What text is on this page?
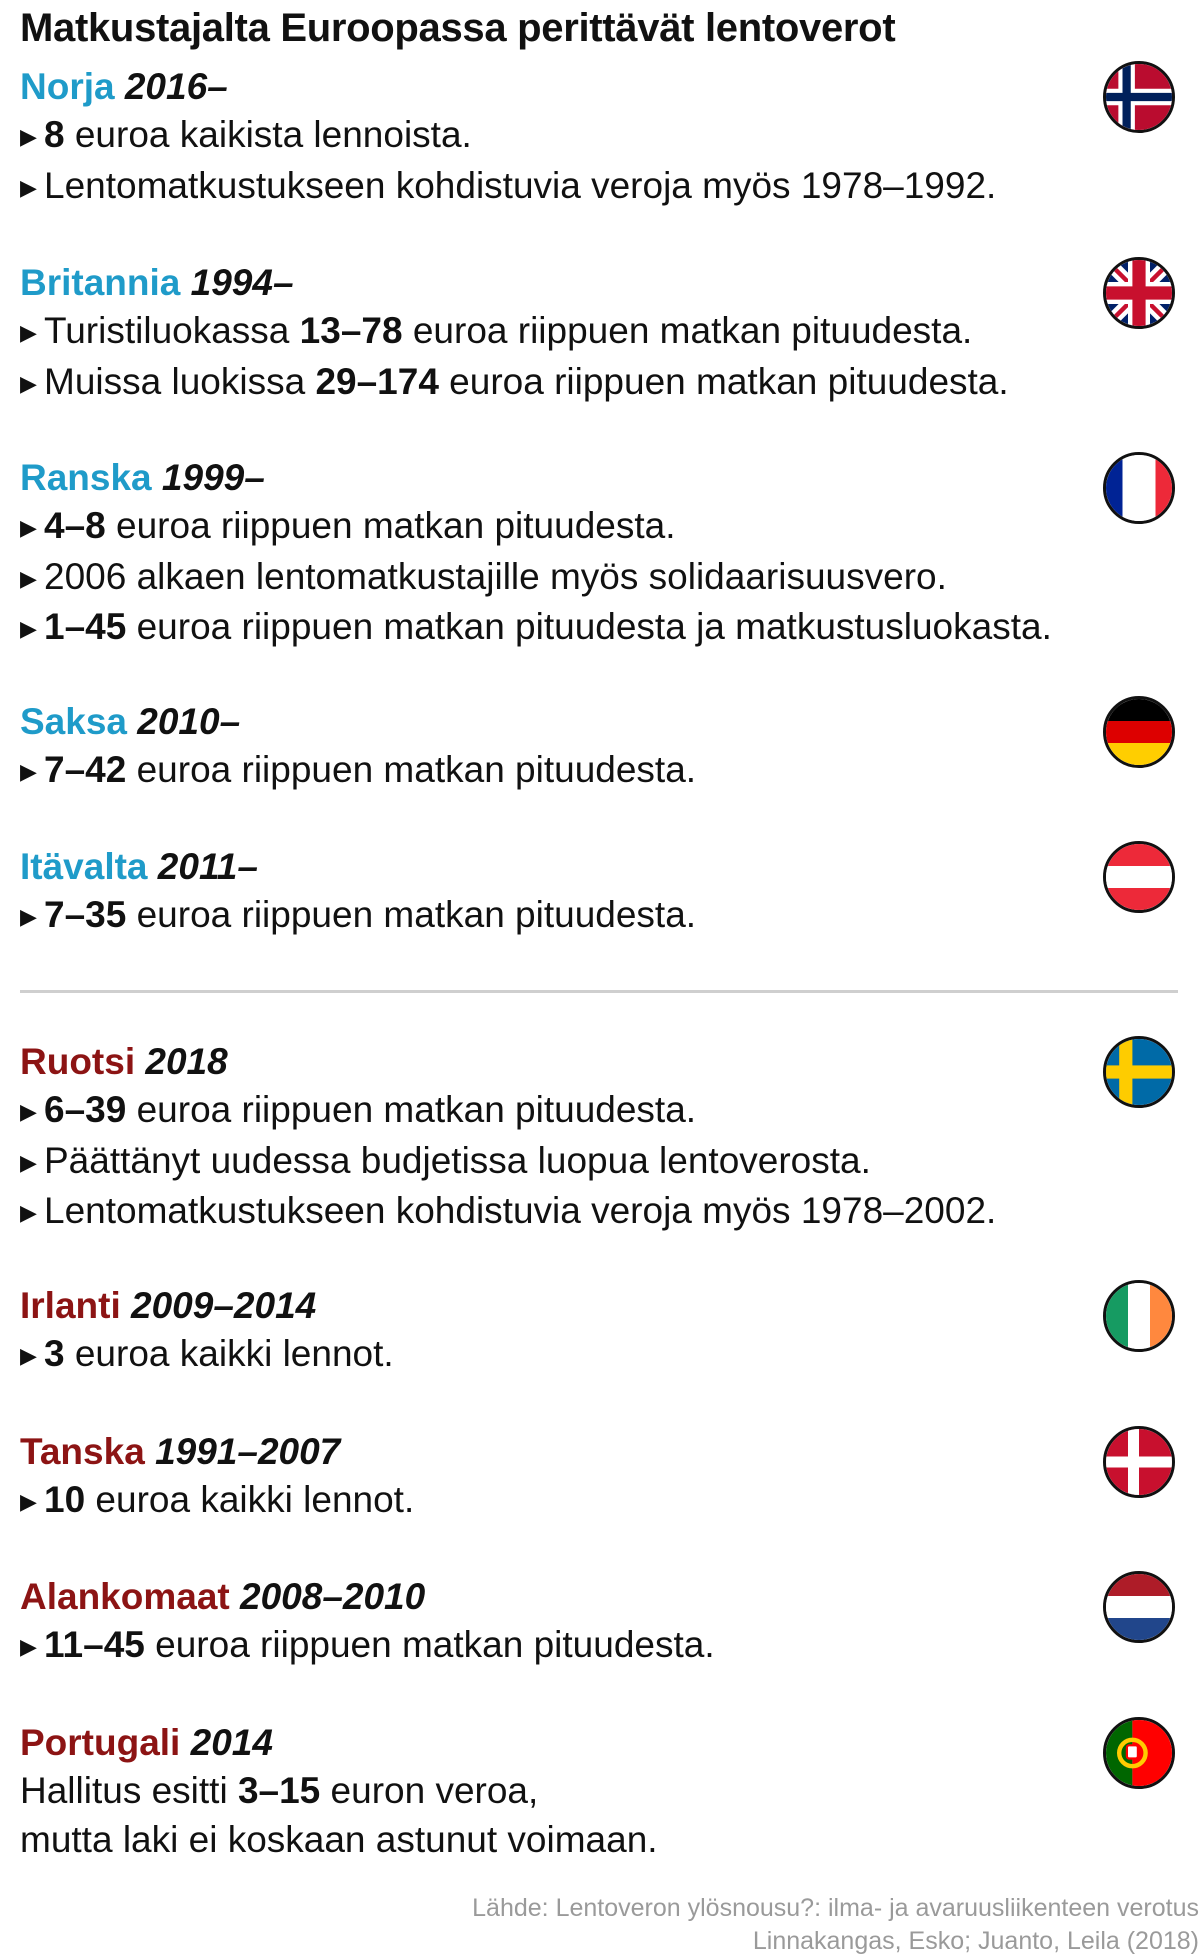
Matkustajalta Euroopassa perittävät lentoverot
Norja 2016–
▶ 8 euroa kaikista lennoista.
▶ Lentomatkustukseen kohdistuvia veroja myös 1978–1992.
Britannia 1994–
▶ Turistiluokassa 13–78 euroa riippuen matkan pituudesta.
▶ Muissa luokissa 29–174 euroa riippuen matkan pituudesta.
Ranska 1999–
▶ 4–8 euroa riippuen matkan pituudesta.
▶ 2006 alkaen lentomatkustajille myös solidaarisuusvero.
▶ 1–45 euroa riippuen matkan pituudesta ja matkustusluokasta.
Saksa 2010–
▶ 7–42 euroa riippuen matkan pituudesta.
Itävalta 2011–
▶ 7–35 euroa riippuen matkan pituudesta.
Ruotsi 2018
▶ 6–39 euroa riippuen matkan pituudesta.
▶ Päättänyt uudessa budjetissa luopua lentoverosta.
▶ Lentomatkustukseen kohdistuvia veroja myös 1978–2002.
Irlanti 2009–2014
▶ 3 euroa kaikki lennot.
Tanska 1991–2007
▶ 10 euroa kaikki lennot.
Alankomaat 2008–2010
▶ 11–45 euroa riippuen matkan pituudesta.
Portugali 2014
Hallitus esitti 3–15 euron veroa,
mutta laki ei koskaan astunut voimaan.
Lähde: Lentoveron ylösnousu?: ilma- ja avaruusliikenteen verotus
Linnakangas, Esko; Juanto, Leila (2018)
